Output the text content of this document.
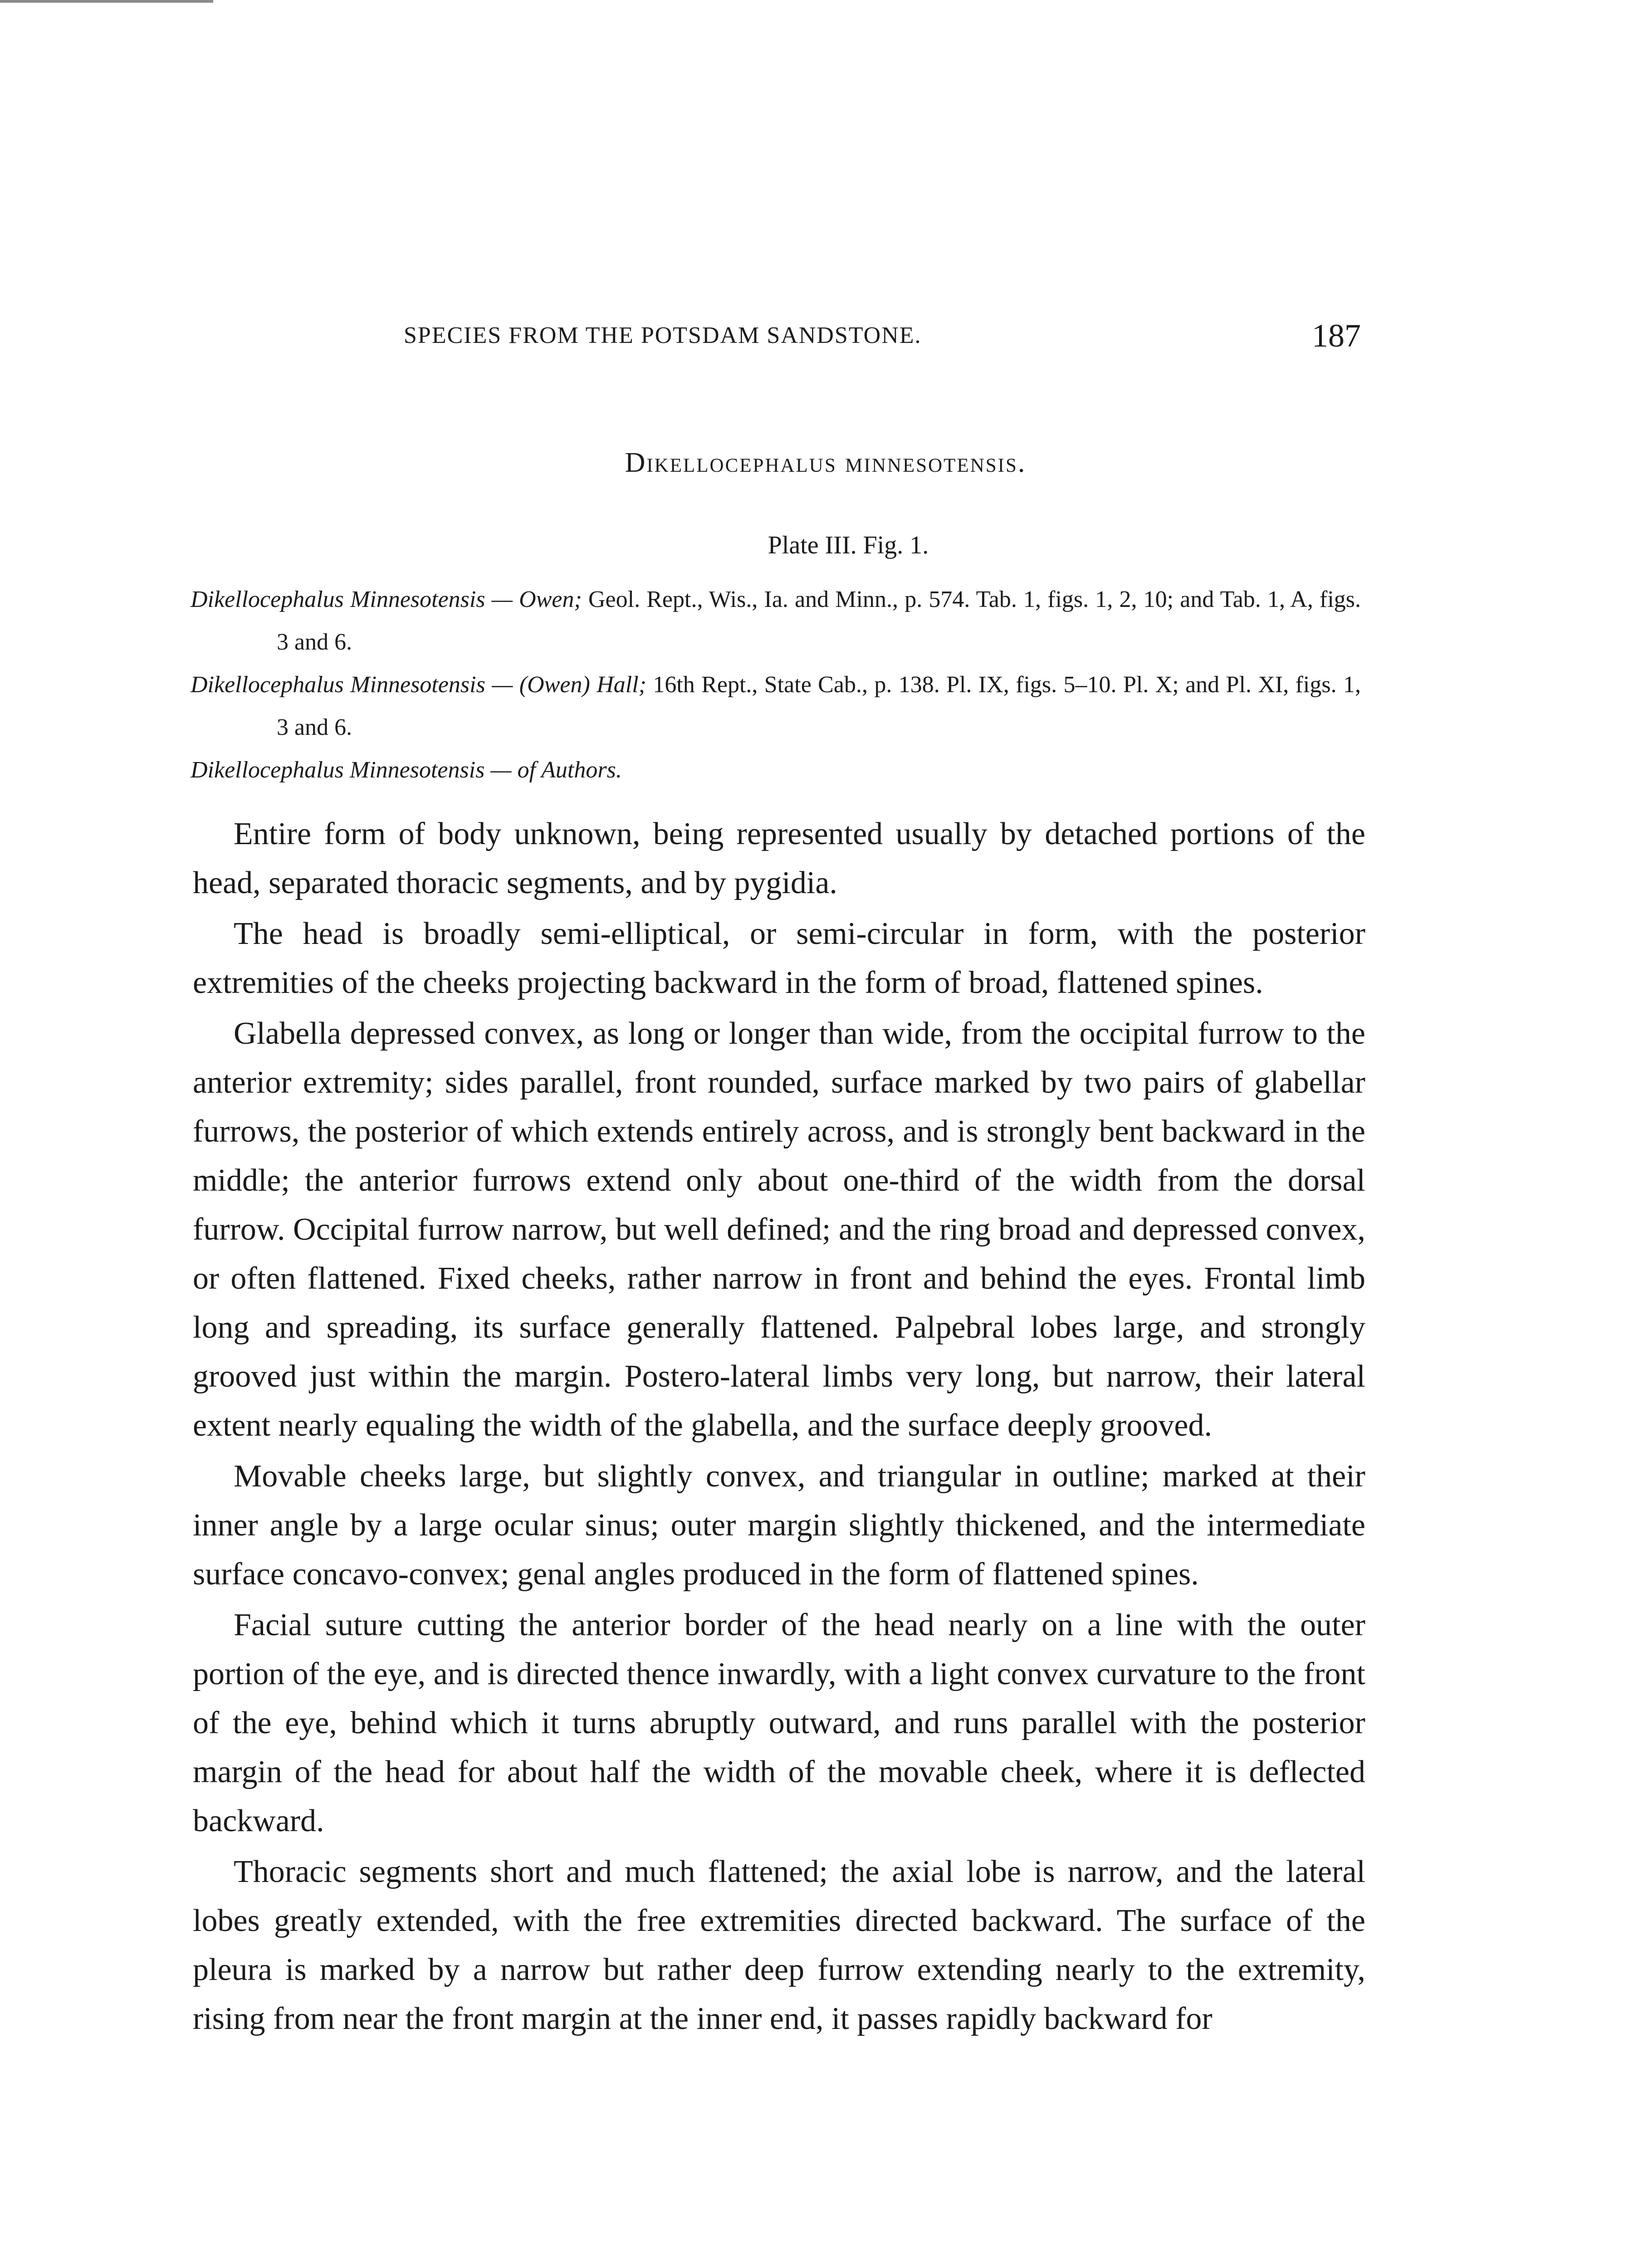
SPECIES FROM THE POTSDAM SANDSTONE.	187
Dikellocephalus minnesotensis.
Plate III. Fig. 1.
Dikellocephalus Minnesotensis — Owen; Geol. Rept., Wis., Ia. and Minn., p. 574. Tab. 1, figs. 1, 2, 10; and Tab. 1, A, figs. 3 and 6.
Dikellocephalus Minnesotensis — (Owen) Hall; 16th Rept., State Cab., p. 138. Pl. IX, figs. 5–10. Pl. X; and Pl. XI, figs. 1, 3 and 6.
Dikellocephalus Minnesotensis — of Authors.

Entire form of body unknown, being represented usually by detached portions of the head, separated thoracic segments, and by pygidia.

The head is broadly semi-elliptical, or semi-circular in form, with the posterior extremities of the cheeks projecting backward in the form of broad, flattened spines.

Glabella depressed convex, as long or longer than wide, from the occipital furrow to the anterior extremity; sides parallel, front rounded, surface marked by two pairs of glabellar furrows, the posterior of which extends entirely across, and is strongly bent backward in the middle; the anterior furrows extend only about one-third of the width from the dorsal furrow. Occipital furrow narrow, but well defined; and the ring broad and depressed convex, or often flattened. Fixed cheeks, rather narrow in front and behind the eyes. Frontal limb long and spreading, its surface generally flattened. Palpebral lobes large, and strongly grooved just within the margin. Postero-lateral limbs very long, but narrow, their lateral extent nearly equaling the width of the glabella, and the surface deeply grooved.

Movable cheeks large, but slightly convex, and triangular in outline; marked at their inner angle by a large ocular sinus; outer margin slightly thickened, and the intermediate surface concavo-convex; genal angles produced in the form of flattened spines.

Facial suture cutting the anterior border of the head nearly on a line with the outer portion of the eye, and is directed thence inwardly, with a light convex curvature to the front of the eye, behind which it turns abruptly outward, and runs parallel with the posterior margin of the head for about half the width of the movable cheek, where it is deflected backward.

Thoracic segments short and much flattened; the axial lobe is narrow, and the lateral lobes greatly extended, with the free extremities directed backward. The surface of the pleura is marked by a narrow but rather deep furrow extending nearly to the extremity, rising from near the front margin at the inner end, it passes rapidly backward for
